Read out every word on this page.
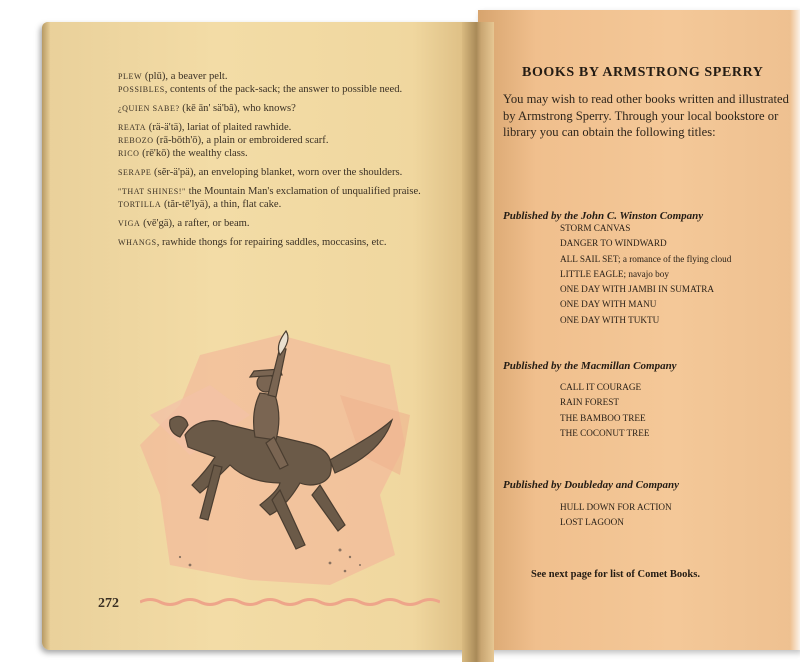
PLEW (plū), a beaver pelt.
POSSIBLES, contents of the pack-sack; the answer to possible need.
¿QUIEN SABE? (kē ān' sä'bâ), who knows?
REATA (rä-ä'tä), lariat of plaited rawhide.
REBOZO (rā-bōth'ō), a plain or embroidered scarf.
RICO (rē'kō) the wealthy class.
SERAPE (sĕr-ä'pä), an enveloping blanket, worn over the shoulders.
"THAT SHINES!" the Mountain Man's exclamation of unqualified praise.
TORTILLA (tăr-tē'lyä), a thin, flat cake.
VIGA (vē'gä), a rafter, or beam.
WHANGS, rawhide thongs for repairing saddles, moccasins, etc.
272
BOOKS BY ARMSTRONG SPERRY
You may wish to read other books written and illustrated by Armstrong Sperry. Through your local bookstore or library you can obtain the following titles:
Published by the John C. Winston Company
STORM CANVAS
DANGER TO WINDWARD
ALL SAIL SET; a romance of the flying cloud
LITTLE EAGLE; navajo boy
ONE DAY WITH JAMBI IN SUMATRA
ONE DAY WITH MANU
ONE DAY WITH TUKTU
Published by the Macmillan Company
CALL IT COURAGE
RAIN FOREST
THE BAMBOO TREE
THE COCONUT TREE
Published by Doubleday and Company
HULL DOWN FOR ACTION
LOST LAGOON
See next page for list of Comet Books.
